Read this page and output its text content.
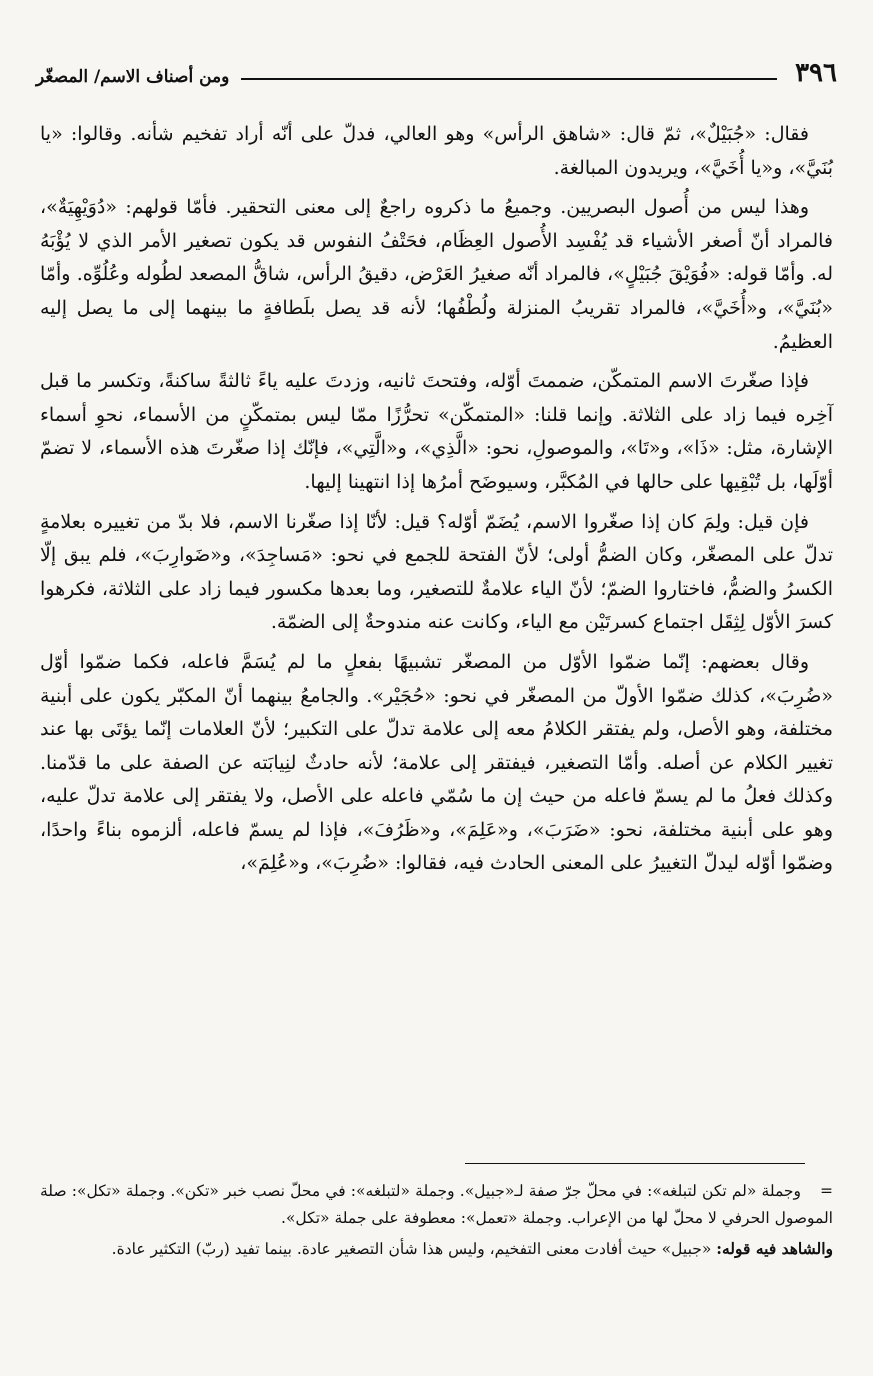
٣٩٦
ومن أصناف الاسم/ المصغّر

فقال: «جُبَيْلٌ»، ثمّ قال: «شاهق الرأس» وهو العالي، فدلّ على أنّه أراد تفخيم شأنه. وقالوا: «يا بُنَيَّ»، و«يا أُخَيَّ»، ويريدون المبالغة.

وهذا ليس من أُصول البصريين. وجميعُ ما ذكروه راجعٌ إلى معنى التحقير. فأمّا قولهم: «دُوَيْهِيَةٌ»، فالمراد أنّ أصغر الأشياء قد يُفْسِد الأُصول العِظَام، فحَتْفُ النفوس قد يكون تصغير الأمر الذي لا يُؤْبَهُ له. وأمّا قوله: «فُوَيْقَ جُبَيْلٍ»، فالمراد أنّه صغيرُ العَرْض، دقيقُ الرأس، شاقُّ المصعد لطُوله وعُلُوِّه. وأمّا «بُنَيَّ»، و«أُخَيَّ»، فالمراد تقريبُ المنزلة ولُطْفُها؛ لأنه قد يصل بلَطافةٍ ما بينهما إلى ما يصل إليه العظيمُ.

فإذا صغّرتَ الاسم المتمكّن، ضممتَ أوّله، وفتحتَ ثانيه، وزدتَ عليه ياءً ثالثةً ساكنةً، وتكسر ما قبل آخِره فيما زاد على الثلاثة. وإنما قلنا: «المتمكّن» تحرُّزًا ممّا ليس بمتمكّنٍ من الأسماء، نحوِ أسماء الإشارة، مثل: «ذَا»، و«تَا»، والموصولِ، نحو: «الَّذِي»، و«الَّتِي»، فإنّك إذا صغّرتَ هذه الأسماء، لا تضمّ أوّلَها، بل تُبْقِيها على حالها في المُكبَّر، وسيوضَح أمرُها إذا انتهينا إليها.

فإن قيل: ولِمَ كان إذا صغّروا الاسم، يُضَمّ أوّله؟ قيل: لأنّا إذا صغّرنا الاسم، فلا بدّ من تغييره بعلامةٍ تدلّ على المصغّر، وكان الضمُّ أولى؛ لأنّ الفتحة للجمع في نحو: «مَساجِدَ»، و«ضَوارِبَ»، فلم يبق إلّا الكسرُ والضمُّ، فاختاروا الضمّ؛ لأنّ الياء علامةٌ للتصغير، وما بعدها مكسور فيما زاد على الثلاثة، فكرهوا كسرَ الأوّل لِثِقَل اجتماع كسرتَيْن مع الياء، وكانت عنه مندوحةٌ إلى الضمّة.

وقال بعضهم: إنّما ضمّوا الأوّل من المصغّر تشبيهًا بفعلٍ ما لم يُسَمَّ فاعله، فكما ضمّوا أوّل «ضُرِبَ»، كذلك ضمّوا الأولّ من المصغّر في نحو: «حُجَيْر». والجامعُ بينهما أنّ المكبّر يكون على أبنية مختلفة، وهو الأصل، ولم يفتقر الكلامُ معه إلى علامة تدلّ على التكبير؛ لأنّ العلامات إنّما يؤتَى بها عند تغيير الكلام عن أصله. وأمّا التصغير، فيفتقر إلى علامة؛ لأنه حادثٌ لنِيابَته عن الصفة على ما قدّمنا. وكذلك فعلُ ما لم يسمّ فاعله من حيث إن ما سُمّي فاعله على الأصل، ولا يفتقر إلى علامة تدلّ عليه، وهو على أبنية مختلفة، نحو: «ضَرَبَ»، و«عَلِمَ»، و«ظَرُفَ»، فإذا لم يسمّ فاعله، ألزموه بناءً واحدًا، وضمّوا أوّله ليدلّ التغييرُ على المعنى الحادث فيه، فقالوا: «ضُرِبَ»، و«عُلِمَ»،

=وجملة «لم تكن لتبلغه»: في محلّ جرّ صفة لـ«جبيل». وجملة «لتبلغه»: في محلّ نصب خبر «تكن». وجملة «تكل»: صلة الموصول الحرفي لا محلّ لها من الإعراب. وجملة «تعمل»: معطوفة على جملة «تكل».

والشاهد فيه قوله: «جبيل» حيث أفادت معنى التفخيم، وليس هذا شأن التصغير عادة. بينما تفيد (ربّ) التكثير عادة.
